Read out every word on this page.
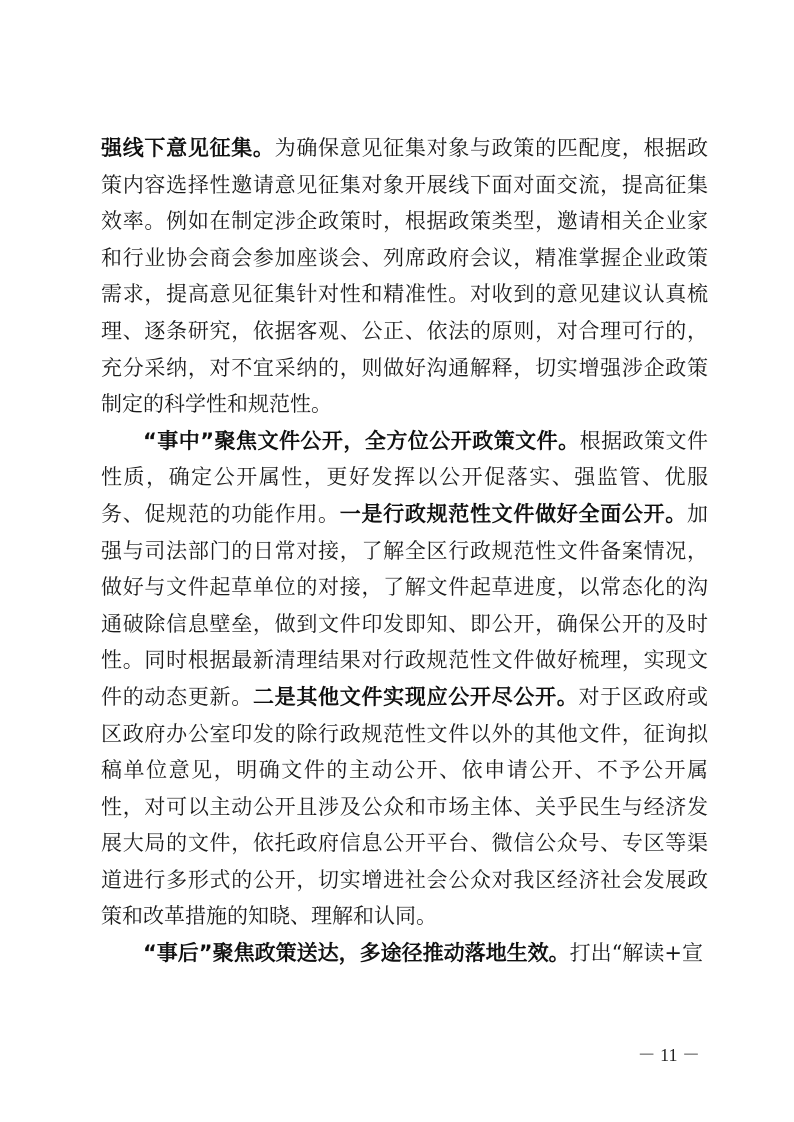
强线下意见征集。为确保意见征集对象与政策的匹配度，根据政策内容选择性邀请意见征集对象开展线下面对面交流，提高征集效率。例如在制定涉企政策时，根据政策类型，邀请相关企业家和行业协会商会参加座谈会、列席政府会议，精准掌握企业政策需求，提高意见征集针对性和精准性。对收到的意见建议认真梳理、逐条研究，依据客观、公正、依法的原则，对合理可行的，充分采纳，对不宜采纳的，则做好沟通解释，切实增强涉企政策制定的科学性和规范性。

“事中”聚焦文件公开，全方位公开政策文件。根据政策文件性质，确定公开属性，更好发挥以公开促落实、强监管、优服务、促规范的功能作用。一是行政规范性文件做好全面公开。加强与司法部门的日常对接，了解全区行政规范性文件备案情况，做好与文件起草单位的对接，了解文件起草进度，以常态化的沟通破除信息壁垒，做到文件印发即知、即公开，确保公开的及时性。同时根据最新清理结果对行政规范性文件做好梳理，实现文件的动态更新。二是其他文件实现应公开尽公开。对于区政府或区政府办公室印发的除行政规范性文件以外的其他文件，征询拟稿单位意见，明确文件的主动公开、依申请公开、不予公开属性，对可以主动公开且涉及公众和市场主体、关乎民生与经济发展大局的文件，依托政府信息公开平台、微信公众号、专区等渠道进行多形式的公开，切实增进社会公众对我区经济社会发展政策和改革措施的知晓、理解和认同。

“事后”聚焦政策送达，多途径推动落地生效。打出“解读+宣

－ 11 －
